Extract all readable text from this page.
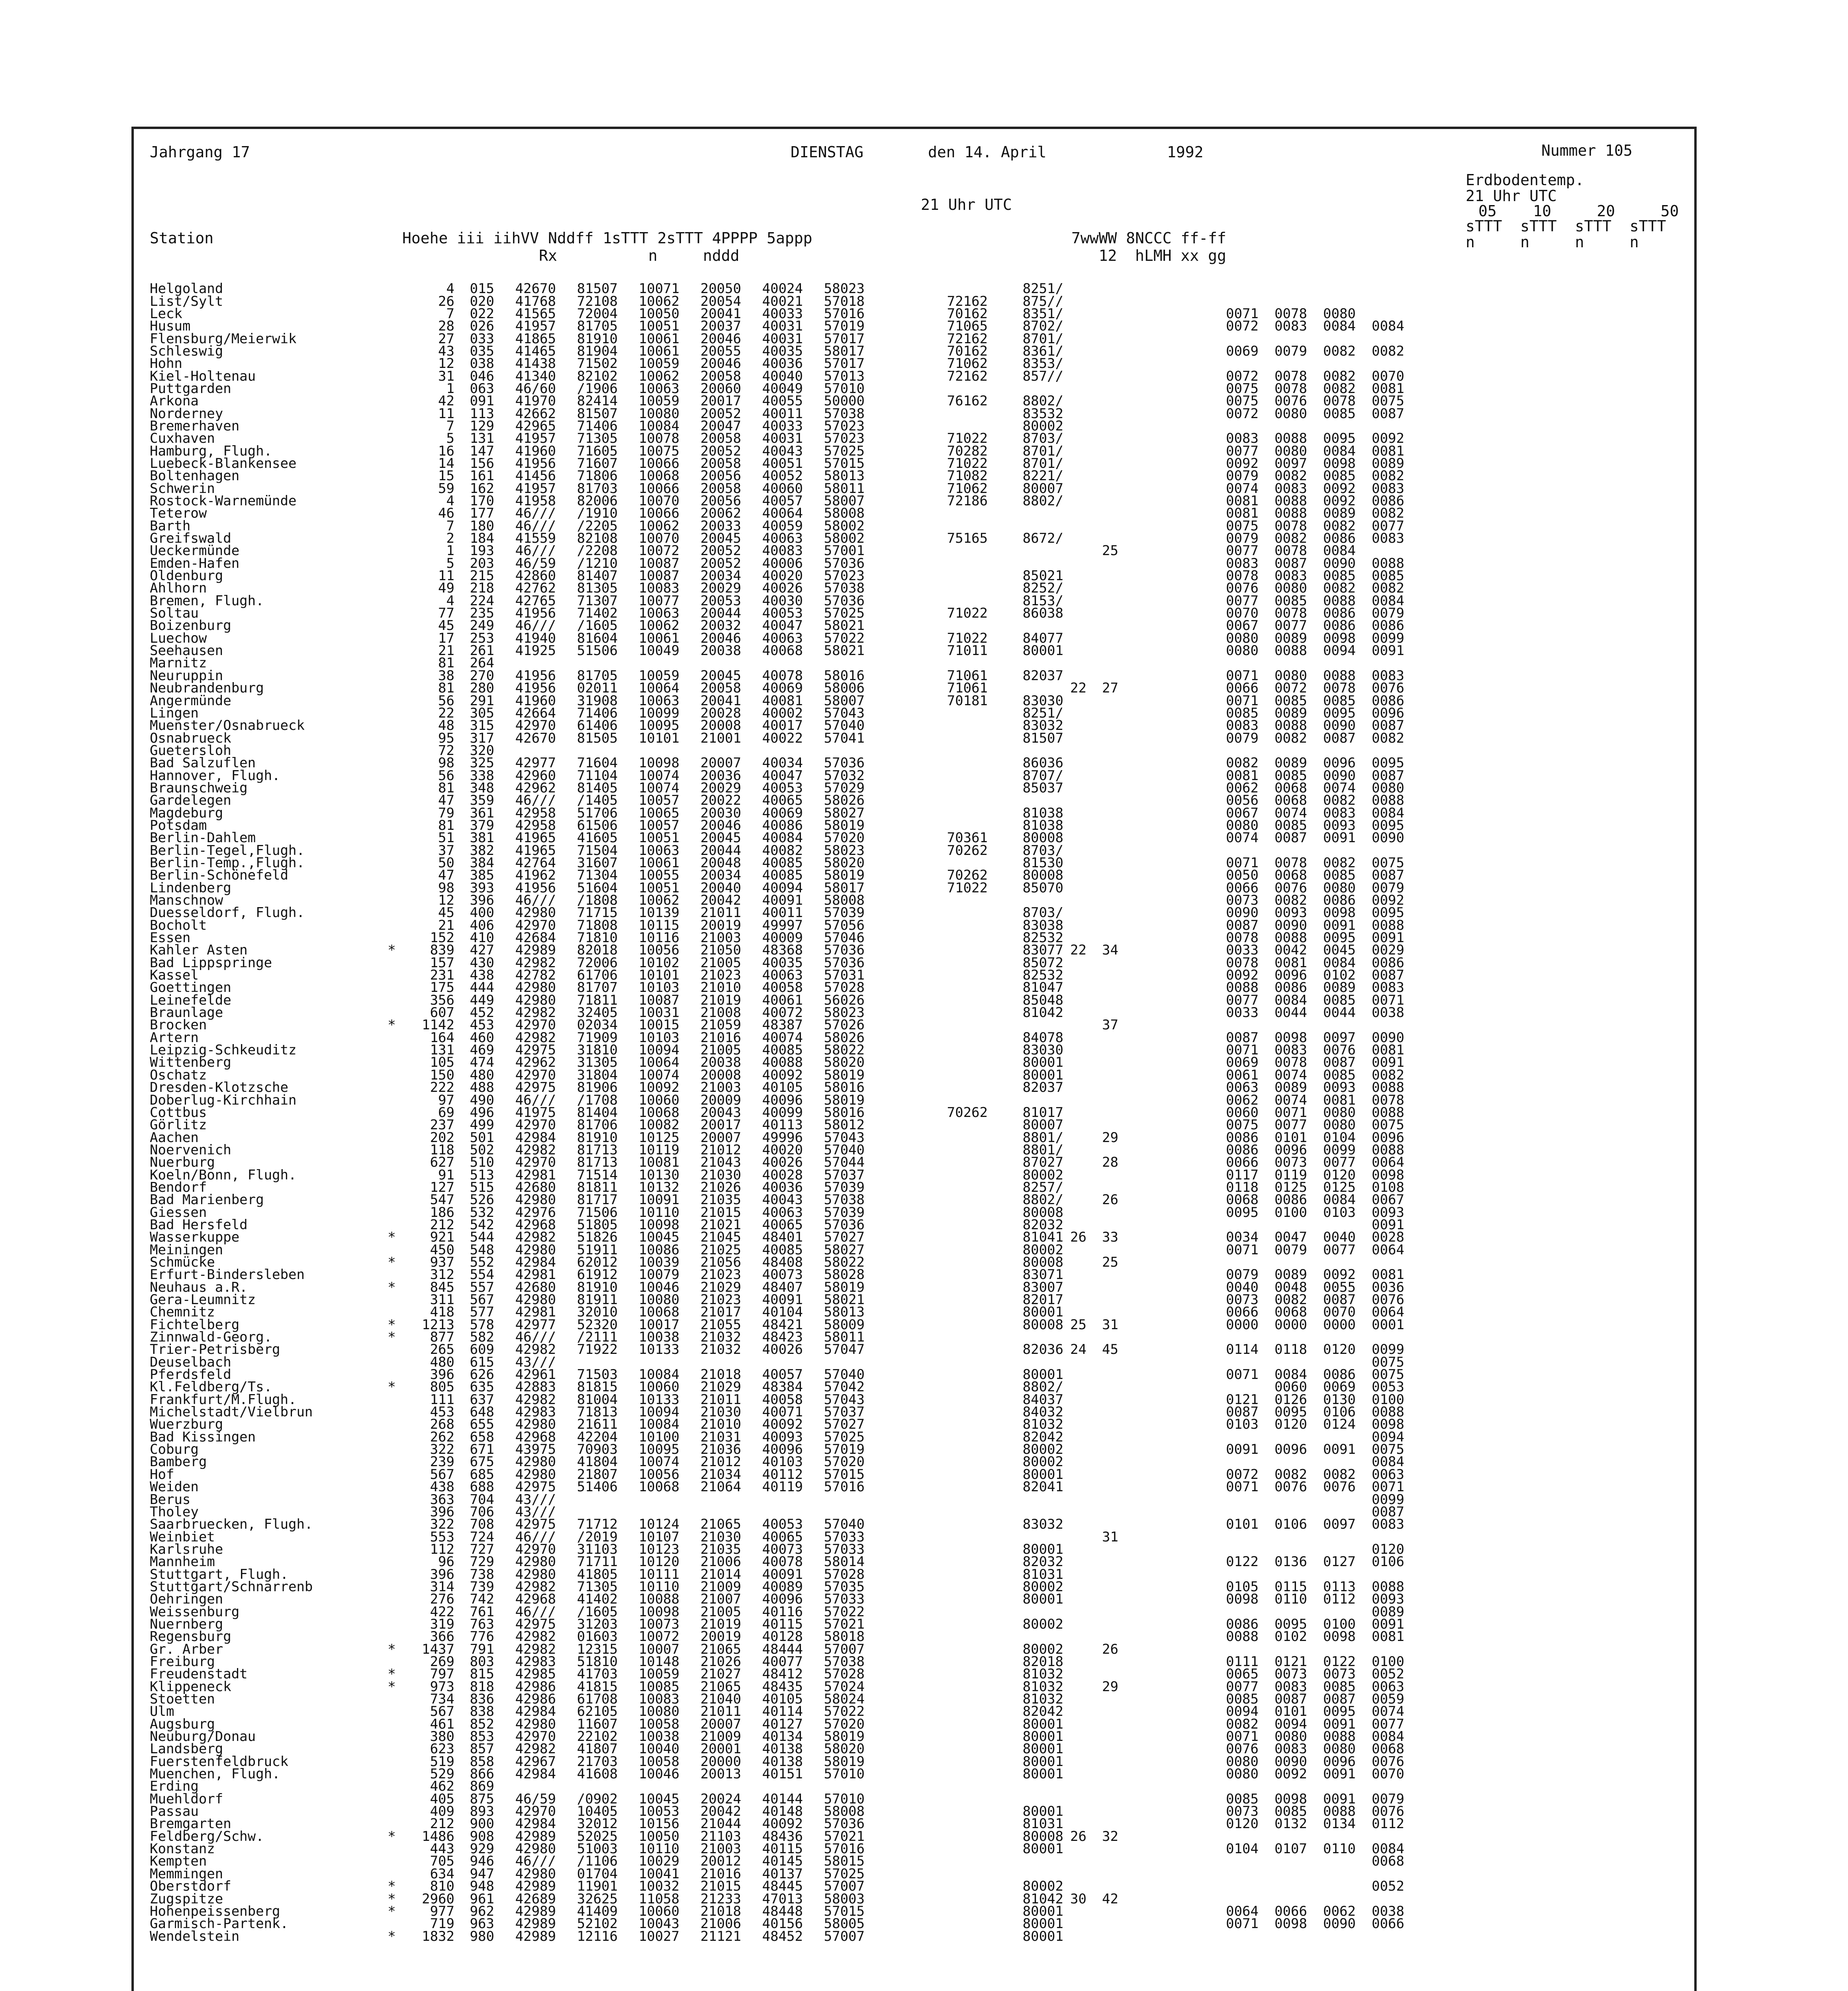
Jahrgang 17	DIENSTAG	den 14. April	1992	Nummer 105
Erdbodentemp.
21 Uhr UTC
05    10     20     50
sTTT  sTTT  sTTT  sTTT
n     n     n     n
21 Uhr UTC
Station	Hoehe iii iihVV Nddff 1sTTT 2sTTT 4PPPP 5appp
Rx          n     nddd
7wwWW 8NCCC ff-ff
12  hLMH xx gg
Helgoland		4	015	42670	81507	10071	20050	40024	58023			8251/							
List/Sylt		26	020	41768	72108	10062	20054	40021	57018		72162	875//							
Leck		7	022	41565	72004	10050	20041	40033	57016		70162	8351/				0071	0078	0080	
Husum		28	026	41957	81705	10051	20037	40031	57019		71065	8702/				0072	0083	0084	0084
Flensburg/Meierwik		27	033	41865	81910	10061	20046	40031	57017		72162	8701/							
Schleswig		43	035	41465	81904	10061	20055	40035	58017		70162	8361/				0069	0079	0082	0082
Hohn		12	038	41438	71502	10059	20046	40036	57017		71062	8353/							
Kiel-Holtenau		31	046	41340	82102	10062	20058	40040	57013		72162	857//				0072	0078	0082	0070
Puttgarden		1	063	46/60	/1906	10063	20060	40049	57010							0075	0078	0082	0081
Arkona		42	091	41970	82414	10059	20017	40055	50000		76162	8802/				0075	0076	0078	0075
Norderney		11	113	42662	81507	10080	20052	40011	57038			83532				0072	0080	0085	0087
Bremerhaven		7	129	42965	71406	10084	20047	40033	57023			80002							
Cuxhaven		5	131	41957	71305	10078	20058	40031	57023		71022	8703/				0083	0088	0095	0092
Hamburg, Flugh.		16	147	41960	71605	10075	20052	40043	57025		70282	8701/				0077	0080	0084	0081
Luebeck-Blankensee		14	156	41956	71607	10066	20058	40051	57015		71022	8701/				0092	0097	0098	0089
Boltenhagen		15	161	41456	71806	10068	20056	40052	58013		71082	8221/				0079	0082	0085	0082
Schwerin		59	162	41957	81703	10066	20058	40060	58011		71062	80007				0074	0083	0092	0083
Rostock-Warnemünde		4	170	41958	82006	10070	20056	40057	58007		72186	8802/				0081	0088	0092	0086
Teterow		46	177	46///	/1910	10066	20062	40064	58008							0081	0088	0089	0082
Barth		7	180	46///	/2205	10062	20033	40059	58002							0075	0078	0082	0077
Greifswald		2	184	41559	82108	10070	20045	40063	58002		75165	8672/				0079	0082	0086	0083
Ueckermünde		1	193	46///	/2208	10072	20052	40083	57001					25		0077	0078	0084	
Emden-Hafen		5	203	46/59	/1210	10087	20052	40006	57036							0083	0087	0090	0088
Oldenburg		11	215	42860	81407	10087	20034	40020	57023			85021				0078	0083	0085	0085
Ahlhorn		49	218	42762	81305	10083	20029	40026	57038			8252/				0076	0080	0082	0082
Bremen, Flugh.		4	224	42765	71307	10077	20053	40030	57036			8153/				0077	0085	0088	0084
Soltau		77	235	41956	71402	10063	20044	40053	57025		71022	86038				0070	0078	0086	0079
Boizenburg		45	249	46///	/1605	10062	20032	40047	58021							0067	0077	0086	0086
Luechow		17	253	41940	81604	10061	20046	40063	57022		71022	84077				0080	0089	0098	0099
Seehausen		21	261	41925	51506	10049	20038	40068	58021		71011	80001				0080	0088	0094	0091
Marnitz		81	264																
Neuruppin		38	270	41956	81705	10059	20045	40078	58016		71061	82037				0071	0080	0088	0083
Neubrandenburg		81	280	41956	02011	10064	20058	40069	58006		71061		22	27		0066	0072	0078	0076
Angermünde		56	291	41960	31908	10063	20041	40081	58007		70181	83030				0071	0085	0085	0086
Lingen		22	305	42664	71406	10099	20028	40002	57043			8251/				0085	0089	0095	0096
Muenster/Osnabrueck		48	315	42970	61406	10095	20008	40017	57040			83032				0083	0088	0090	0087
Osnabrueck		95	317	42670	81505	10101	21001	40022	57041			81507				0079	0082	0087	0082
Guetersloh		72	320																
Bad Salzuflen		98	325	42977	71604	10098	20007	40034	57036			86036				0082	0089	0096	0095
Hannover, Flugh.		56	338	42960	71104	10074	20036	40047	57032			8707/				0081	0085	0090	0087
Braunschweig		81	348	42962	81405	10074	20029	40053	57029			85037				0062	0068	0074	0080
Gardelegen		47	359	46///	/1405	10057	20022	40065	58026							0056	0068	0082	0088
Magdeburg		79	361	42958	51706	10065	20030	40069	58027			81038				0067	0074	0083	0084
Potsdam		81	379	42958	61506	10057	20046	40086	58019			81038				0080	0085	0093	0095
Berlin-Dahlem		51	381	41965	41605	10051	20045	40084	57020		70361	80008				0074	0087	0091	0090
Berlin-Tegel,Flugh.		37	382	41965	71504	10063	20044	40082	58023		70262	8703/							
Berlin-Temp.,Flugh.		50	384	42764	31607	10061	20048	40085	58020			81530				0071	0078	0082	0075
Berlin-Schönefeld		47	385	41962	71304	10055	20034	40085	58019		70262	80008				0050	0068	0085	0087
Lindenberg		98	393	41956	51604	10051	20040	40094	58017		71022	85070				0066	0076	0080	0079
Manschnow		12	396	46///	/1808	10062	20042	40091	58008							0073	0082	0086	0092
Duesseldorf, Flugh.		45	400	42980	71715	10139	21011	40011	57039			8703/				0090	0093	0098	0095
Bocholt		21	406	42970	71808	10115	20019	49997	57056			83038				0087	0090	0091	0088
Essen		152	410	42684	71810	10116	21003	40009	57046			82532				0078	0088	0095	0091
Kahler Asten	*	839	427	42989	82018	10056	21050	48368	57036			83077	22	34		0033	0042	0045	0029
Bad Lippspringe		157	430	42982	72006	10102	21005	40035	57036			85072				0078	0081	0084	0086
Kassel		231	438	42782	61706	10101	21023	40063	57031			82532				0092	0096	0102	0087
Goettingen		175	444	42980	81707	10103	21010	40058	57028			81047				0088	0086	0089	0083
Leinefelde		356	449	42980	71811	10087	21019	40061	56026			85048				0077	0084	0085	0071
Braunlage		607	452	42982	32405	10031	21008	40072	58023			81042				0033	0044	0044	0038
Brocken	*	1142	453	42970	02034	10015	21059	48387	57026					37					
Artern		164	460	42982	71909	10103	21016	40074	58026			84078				0087	0098	0097	0090
Leipzig-Schkeuditz		131	469	42975	31810	10094	21005	40085	58022			83030				0071	0083	0076	0081
Wittenberg		105	474	42962	31305	10064	20038	40088	58020			80001				0069	0078	0087	0091
Oschatz		150	480	42970	31804	10074	20008	40092	58019			80001				0061	0074	0085	0082
Dresden-Klotzsche		222	488	42975	81906	10092	21003	40105	58016			82037				0063	0089	0093	0088
Doberlug-Kirchhain		97	490	46///	/1708	10060	20009	40096	58019							0062	0074	0081	0078
Cottbus		69	496	41975	81404	10068	20043	40099	58016		70262	81017				0060	0071	0080	0088
Görlitz		237	499	42970	81706	10082	20017	40113	58012			80007				0075	0077	0080	0075
Aachen		202	501	42984	81910	10125	20007	49996	57043			8801/		29		0086	0101	0104	0096
Noervenich		118	502	42982	81713	10119	21012	40020	57040			8801/				0086	0096	0099	0088
Nuerburg		627	510	42970	81713	10081	21043	40026	57044			87027		28		0066	0073	0077	0064
Koeln/Bonn, Flugh.		91	513	42981	71514	10130	21030	40028	57037			80002				0117	0119	0120	0098
Bendorf		127	515	42680	81811	10132	21026	40036	57039			8257/				0118	0125	0125	0108
Bad Marienberg		547	526	42980	81717	10091	21035	40043	57038			8802/		26		0068	0086	0084	0067
Giessen		186	532	42976	71506	10110	21015	40063	57039			80008				0095	0100	0103	0093
Bad Hersfeld		212	542	42968	51805	10098	21021	40065	57036			82032							0091
Wasserkuppe	*	921	544	42982	51826	10045	21045	48401	57027			81041	26	33		0034	0047	0040	0028
Meiningen		450	548	42980	51911	10086	21025	40085	58027			80002				0071	0079	0077	0064
Schmücke	*	937	552	42984	62012	10039	21056	48408	58022			80008		25					
Erfurt-Bindersleben		312	554	42981	61912	10079	21023	40073	58028			83071				0079	0089	0092	0081
Neuhaus a.R.	*	845	557	42680	81910	10046	21029	48407	58019			83007				0040	0048	0055	0036
Gera-Leumnitz		311	567	42980	81911	10080	21023	40091	58021			82017				0073	0082	0087	0076
Chemnitz		418	577	42981	32010	10068	21017	40104	58013			80001				0066	0068	0070	0064
Fichtelberg	*	1213	578	42977	52320	10017	21055	48421	58009			80008	25	31		0000	0000	0000	0001
Zinnwald-Georg.	*	877	582	46///	/2111	10038	21032	48423	58011										
Trier-Petrisberg		265	609	42982	71922	10133	21032	40026	57047			82036	24	45		0114	0118	0120	0099
Deuselbach		480	615	43///															0075
Pferdsfeld		396	626	42961	71503	10084	21018	40057	57040			80001				0071	0084	0086	0075
Kl.Feldberg/Ts.	*	805	635	42883	81815	10060	21029	48384	57042			8802/					0060	0069	0053
Frankfurt/M.Flugh.		111	637	42982	81004	10133	21011	40058	57043			84037				0121	0126	0130	0100
Michelstadt/Vielbrun		453	648	42983	71813	10094	21030	40071	57037			84032				0087	0095	0106	0088
Wuerzburg		268	655	42980	21611	10084	21010	40092	57027			81032				0103	0120	0124	0098
Bad Kissingen		262	658	42968	42204	10100	21031	40093	57025			82042							0094
Coburg		322	671	43975	70903	10095	21036	40096	57019			80002				0091	0096	0091	0075
Bamberg		239	675	42980	41804	10074	21012	40103	57020			80002							0084
Hof		567	685	42980	21807	10056	21034	40112	57015			80001				0072	0082	0082	0063
Weiden		438	688	42975	51406	10068	21064	40119	57016			82041				0071	0076	0076	0071
Berus		363	704	43///															0099
Tholey		396	706	43///															0087
Saarbruecken, Flugh.		322	708	42975	71712	10124	21065	40053	57040			83032				0101	0106	0097	0083
Weinbiet		553	724	46///	/2019	10107	21030	40065	57033					31					
Karlsruhe		112	727	42970	31103	10123	21035	40073	57033			80001							0120
Mannheim		96	729	42980	71711	10120	21006	40078	58014			82032				0122	0136	0127	0106
Stuttgart, Flugh.		396	738	42980	41805	10111	21014	40091	57028			81031							
Stuttgart/Schnarrenb		314	739	42982	71305	10110	21009	40089	57035			80002				0105	0115	0113	0088
Oehringen		276	742	42968	41402	10088	21007	40096	57033			80001				0098	0110	0112	0093
Weissenburg		422	761	46///	/1605	10098	21005	40116	57022										0089
Nuernberg		319	763	42975	31203	10073	21019	40115	57021			80002				0086	0095	0100	0091
Regensburg		366	776	42982	01603	10072	20019	40128	58018							0088	0102	0098	0081
Gr. Arber	*	1437	791	42982	12315	10007	21065	48444	57007			80002		26					
Freiburg		269	803	42983	51810	10148	21026	40077	57038			82018				0111	0121	0122	0100
Freudenstadt	*	797	815	42985	41703	10059	21027	48412	57028			81032				0065	0073	0073	0052
Klippeneck	*	973	818	42986	41815	10085	21065	48435	57024			81032		29		0077	0083	0085	0063
Stoetten		734	836	42986	61708	10083	21040	40105	58024			81032				0085	0087	0087	0059
Ulm		567	838	42984	62105	10080	21011	40114	57022			82042				0094	0101	0095	0074
Augsburg		461	852	42980	11607	10058	20007	40127	57020			80001				0082	0094	0091	0077
Neuburg/Donau		380	853	42970	22102	10038	21009	40134	58019			80001				0071	0080	0088	0084
Landsberg		623	857	42982	41807	10040	20001	40138	58020			80001				0076	0083	0080	0068
Fuerstenfeldbruck		519	858	42967	21703	10058	20000	40138	58019			80001				0080	0090	0096	0076
Muenchen, Flugh.		529	866	42984	41608	10046	20013	40151	57010			80001				0080	0092	0091	0070
Erding		462	869																
Muehldorf		405	875	46/59	/0902	10045	20024	40144	57010							0085	0098	0091	0079
Passau		409	893	42970	10405	10053	20042	40148	58008			80001				0073	0085	0088	0076
Bremgarten		212	900	42984	32012	10156	21044	40092	57036			81031				0120	0132	0134	0112
Feldberg/Schw.	*	1486	908	42989	52025	10050	21103	48436	57021			80008	26	32					
Konstanz		443	929	42980	51003	10110	21003	40115	57016			80001				0104	0107	0110	0084
Kempten		705	946	46///	/1106	10029	20012	40145	58015										0068
Memmingen		634	947	42980	01704	10041	21016	40137	57025										
Oberstdorf	*	810	948	42989	11901	10032	21015	48445	57007			80002							0052
Zugspitze	*	2960	961	42689	32625	11058	21233	47013	58003			81042	30	42					
Hohenpeissenberg	*	977	962	42989	41409	10060	21018	48448	57015			80001				0064	0066	0062	0038
Garmisch-Partenk.		719	963	42989	52102	10043	21006	40156	58005			80001				0071	0098	0090	0066
Wendelstein	*	1832	980	42989	12116	10027	21121	48452	57007			80001							
